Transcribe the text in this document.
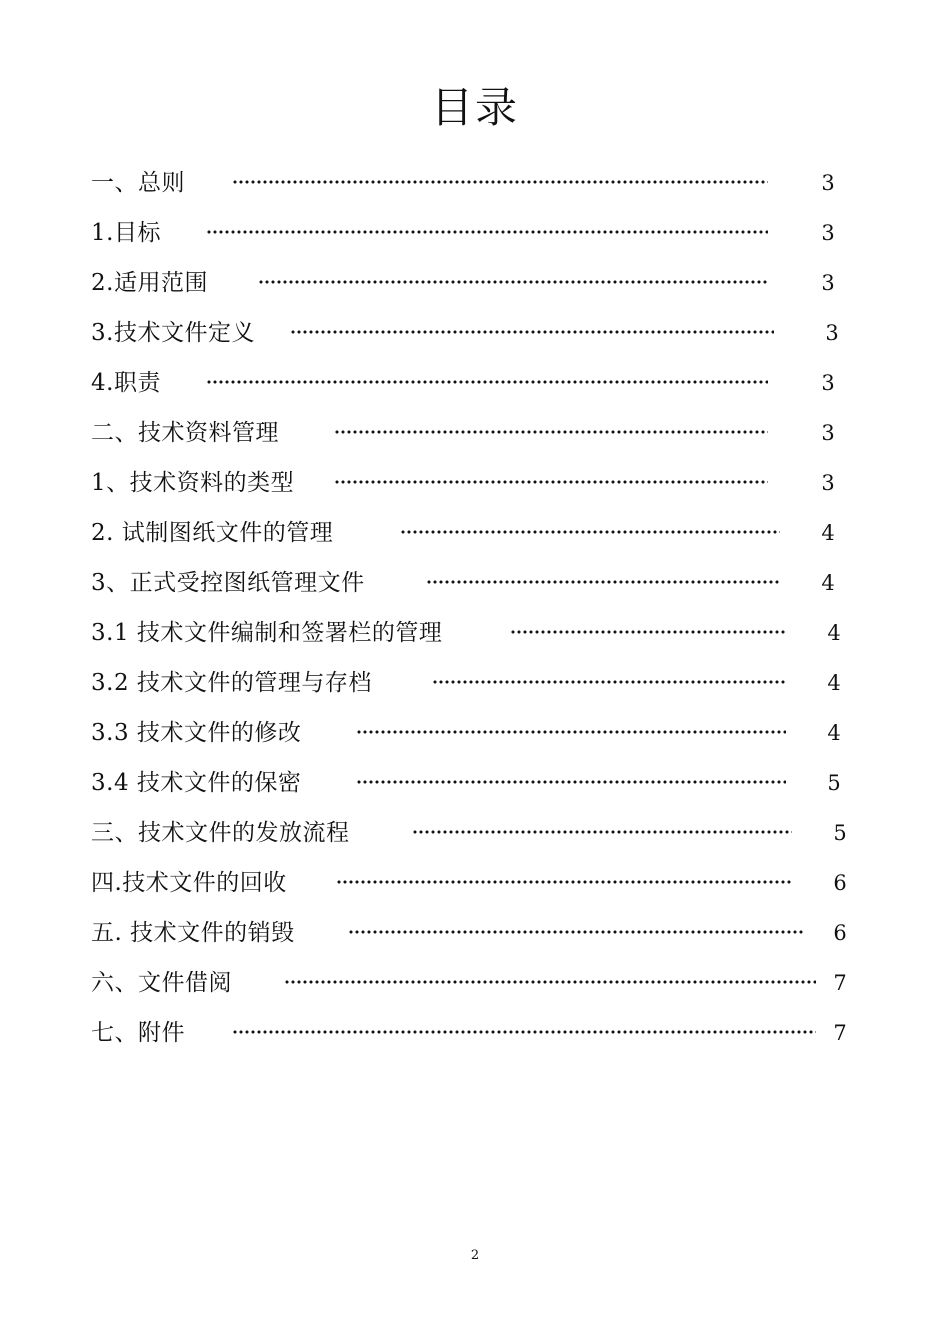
目录
一、总则	3
1.目标	3
2.适用范围	3
3.技术文件定义	3
4.职责	3
二、技术资料管理	3
1、技术资料的类型	3
2. 试制图纸文件的管理	4
3、正式受控图纸管理文件	4
3.1 技术文件编制和签署栏的管理	4
3.2 技术文件的管理与存档	4
3.3 技术文件的修改	4
3.4 技术文件的保密	5
三、技术文件的发放流程	5
四.技术文件的回收	6
五. 技术文件的销毁	6
六、文件借阅	7
七、附件	7
2
